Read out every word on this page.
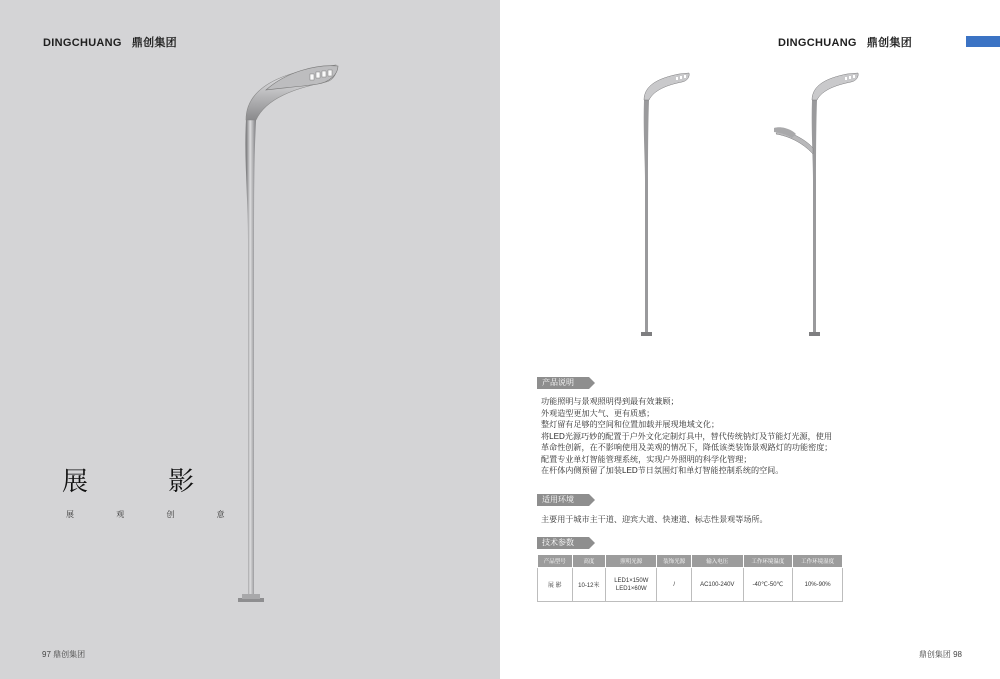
DINGCHUANG 鼎创集团
展 影
展 观 创 意
97 鼎创集团
DINGCHUANG 鼎创集团
产品说明
功能照明与景观照明得到最有效兼顾；
外观造型更加大气、更有质感；
整灯留有足够的空间和位置加载并展现地域文化；
将LED光源巧妙的配置于户外文化定制灯具中，替代传统钠灯及节能灯光源，使用
革命性创新，在不影响使用及美观的情况下，降低该类装饰景观路灯的功能密度；
配置专业单灯智能管理系统，实现户外照明的科学化管理；
在杆体内侧预留了加装LED节日氛围灯和单灯智能控制系统的空间。
适用环境
主要用于城市主干道、迎宾大道、快速道、标志性景观等场所。
技术参数
产品型号	高度	照明光源	装饰光源	输入电压	工作环境温度	工作环境湿度
展 影	10-12米	LED1×150W
LED1×60W	/	AC100-240V	-40℃-50℃	10%-90%
鼎创集团 98
